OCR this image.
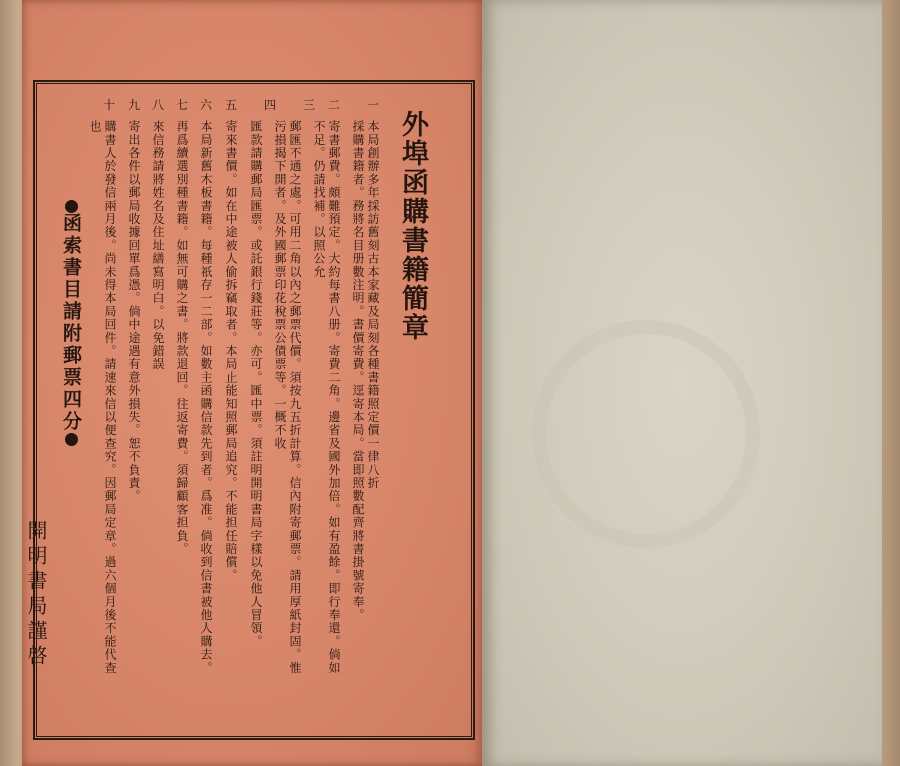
外埠函購書籍簡章
一
二
三
四
五
六
七
八
九
十
本局創辦多年採訪舊刻古本家藏及局刻各種書籍照定價一律八折
採購書籍者。務將名目册數注明。書價寄費。逕寄本局。當即照數配齊將書掛號寄奉。
寄書郵費。頗難預定。大約每書八册。寄費二角。邊省及國外加倍。如有盈餘。即行奉還。倘如
不足。仍請找補。以照公允
郵匯不通之處。可用二角以內之郵票代價。須按九五折計算。信內附寄郵票。請用厚紙封固。惟
污損揭下開者。及外國郵票印花稅票公債票等。一概不收
匯款請購郵局匯票。或託銀行錢莊等。亦可。匯中票。須註明開明書局字樣以免他人冒領。
寄來書價。如在中途被人偷拆竊取者。本局止能知照郵局追究。不能担任賠償。
本局新舊木板書籍。每種祇存一二部。如數主函購信款先到者。爲准。倘收到信書被他人購去。
再爲續選別種書籍。如無可購之書。將款退回。往返寄費。須歸顧客担負。
來信務請將姓名及住址繕寫明白。以免錯誤
寄出各件以郵局收據回單爲憑。倘中途遇有意外損失。恕不負責。
購書人於發信兩月後。尚未得本局回件。請速來信以便查究。因郵局定章。過六個月後不能代查
也
函索書目請附郵票四分
開明書局謹啓
